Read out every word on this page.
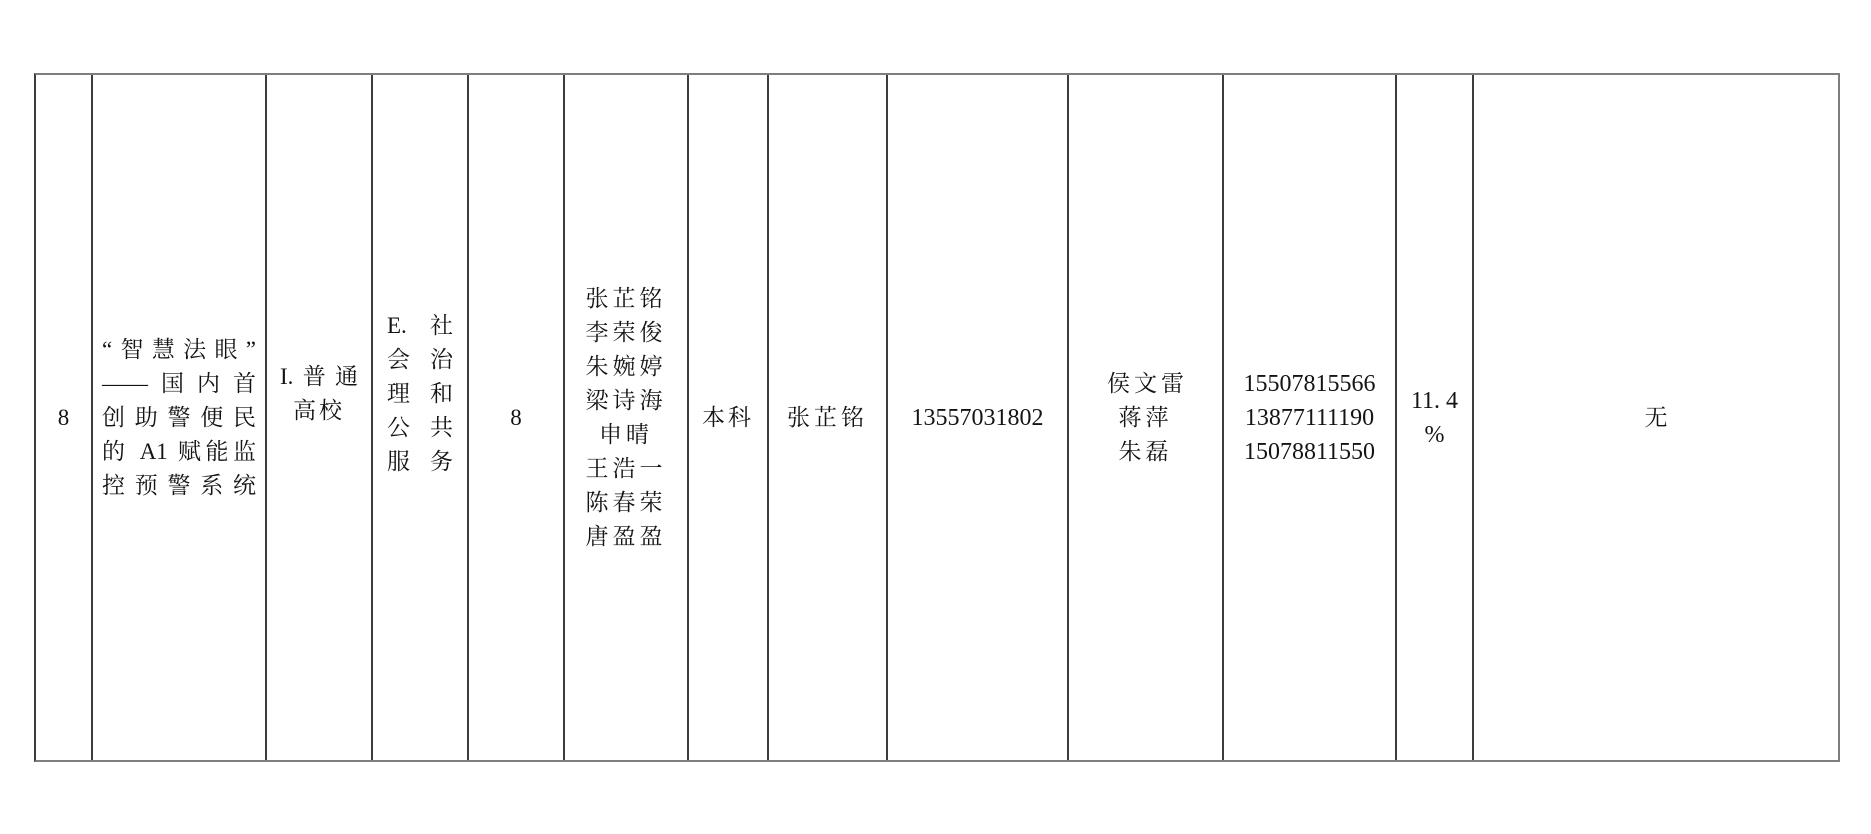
8
“智慧法眼”
——国内首
创助警便民
的 A1 赋能监
控预警系统
I.普通
高校
E. 社
会治
理和
公共
服务
8
张芷铭
李荣俊
朱婉婷
梁诗海
申晴
王浩一
陈春荣
唐盈盈
本科	张芷铭	13557031802
侯文雷
蒋萍
朱磊
15507815566
13877111190
15078811550
11. 4
%
无
